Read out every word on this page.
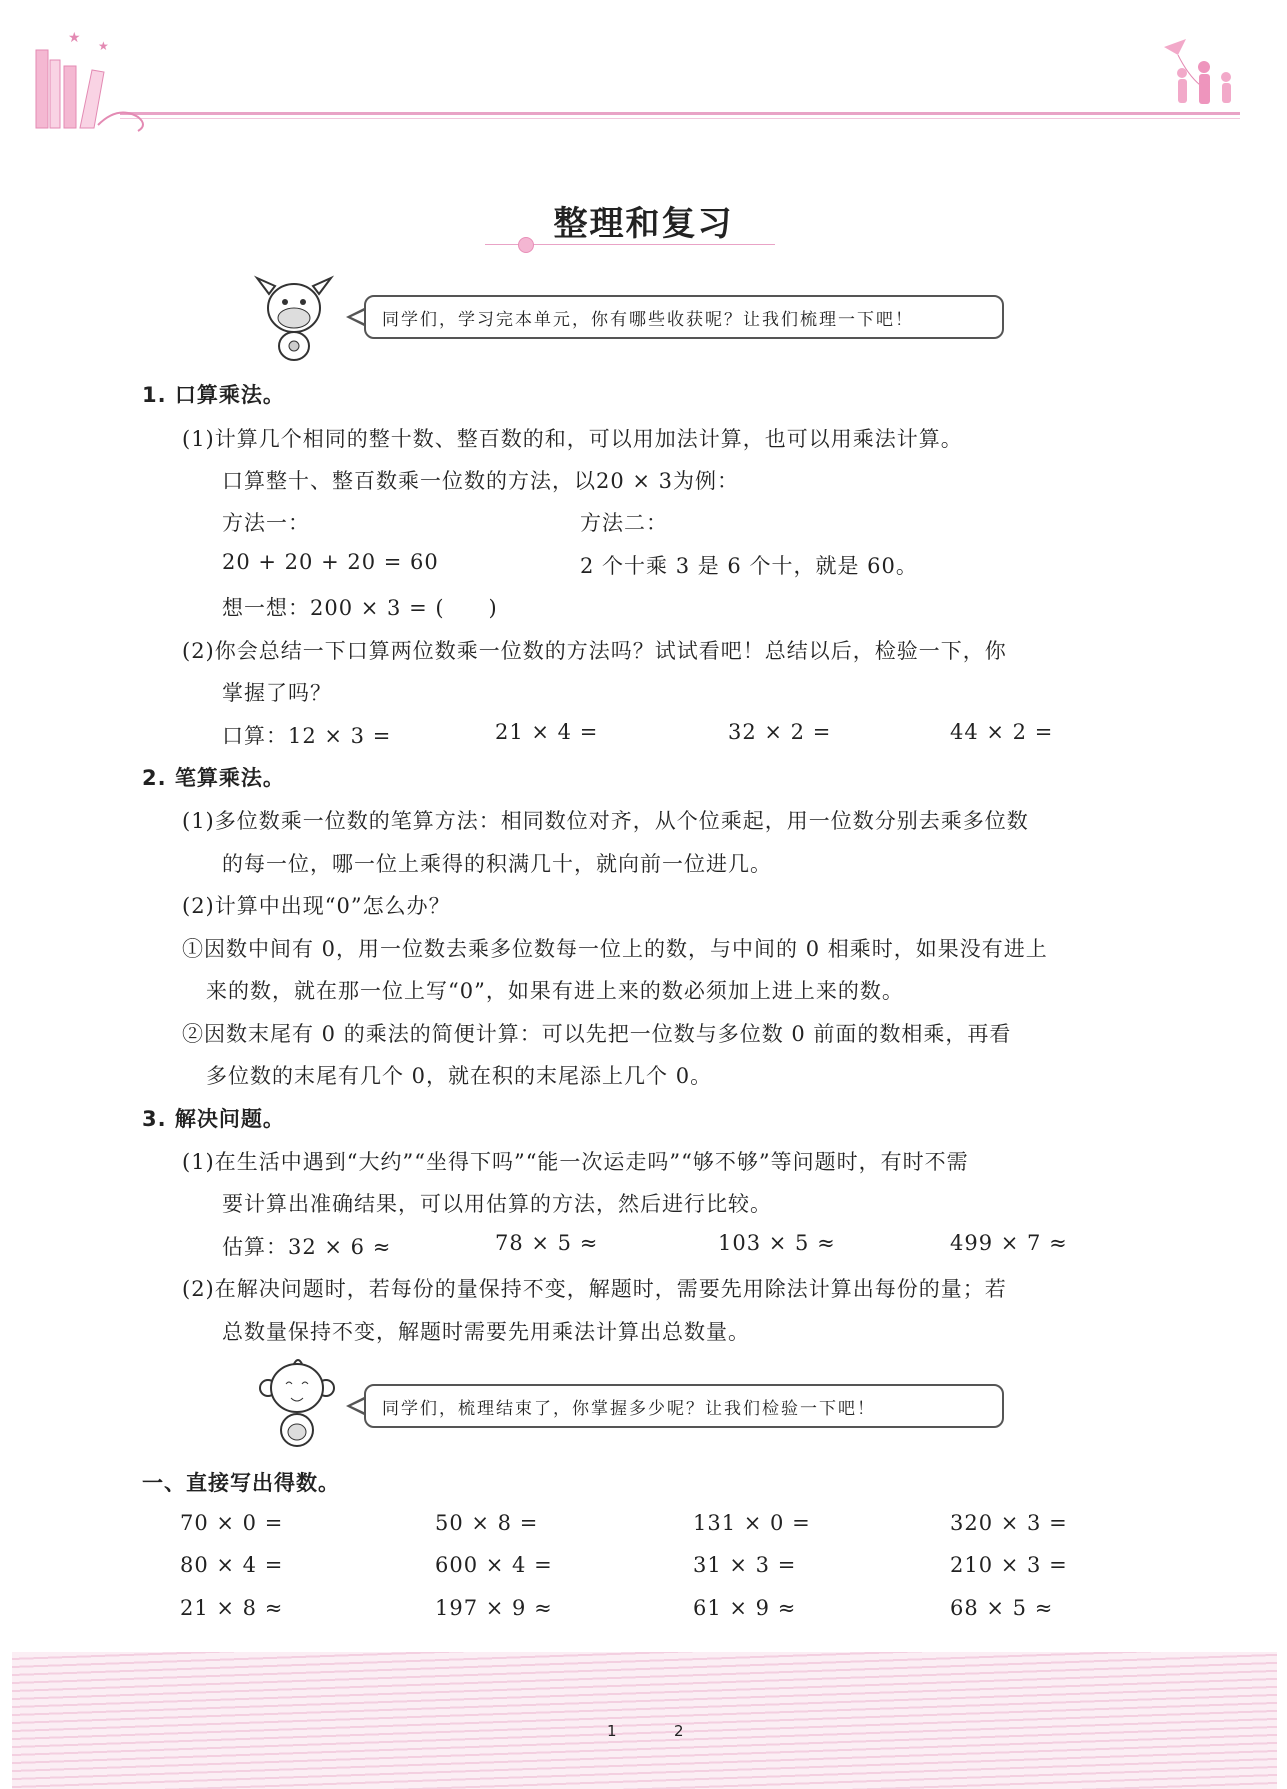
★ ★
整理和复习
同学们，学习完本单元，你有哪些收获呢？让我们梳理一下吧！
1. 口算乘法。
(1)计算几个相同的整十数、整百数的和，可以用加法计算，也可以用乘法计算。
口算整十、整百数乘一位数的方法，以20 × 3为例：
方法一：	方法二：
20 + 20 + 20 = 60	2 个十乘 3 是 6 个十，就是 60。
想一想：200 × 3 = (　　)
(2)你会总结一下口算两位数乘一位数的方法吗？试试看吧！总结以后，检验一下，你
掌握了吗？
口算：12 × 3 =	21 × 4 =	32 × 2 =	44 × 2 =
2. 笔算乘法。
(1)多位数乘一位数的笔算方法：相同数位对齐，从个位乘起，用一位数分别去乘多位数
的每一位，哪一位上乘得的积满几十，就向前一位进几。
(2)计算中出现“0”怎么办？
①因数中间有 0，用一位数去乘多位数每一位上的数，与中间的 0 相乘时，如果没有进上
来的数，就在那一位上写“0”，如果有进上来的数必须加上进上来的数。
②因数末尾有 0 的乘法的简便计算：可以先把一位数与多位数 0 前面的数相乘，再看
多位数的末尾有几个 0，就在积的末尾添上几个 0。
3. 解决问题。
(1)在生活中遇到“大约”“坐得下吗”“能一次运走吗”“够不够”等问题时，有时不需
要计算出准确结果，可以用估算的方法，然后进行比较。
估算：32 × 6 ≈	78 × 5 ≈	103 × 5 ≈	499 × 7 ≈
(2)在解决问题时，若每份的量保持不变，解题时，需要先用除法计算出每份的量；若
总数量保持不变，解题时需要先用乘法计算出总数量。
同学们，梳理结束了，你掌握多少呢？让我们检验一下吧！
一、直接写出得数。
70 × 0 =	50 × 8 =	131 × 0 =	320 × 3 =
80 × 4 =	600 × 4 =	31 × 3 =	210 × 3 =
21 × 8 ≈	197 × 9 ≈	61 × 9 ≈	68 × 5 ≈
1	2
